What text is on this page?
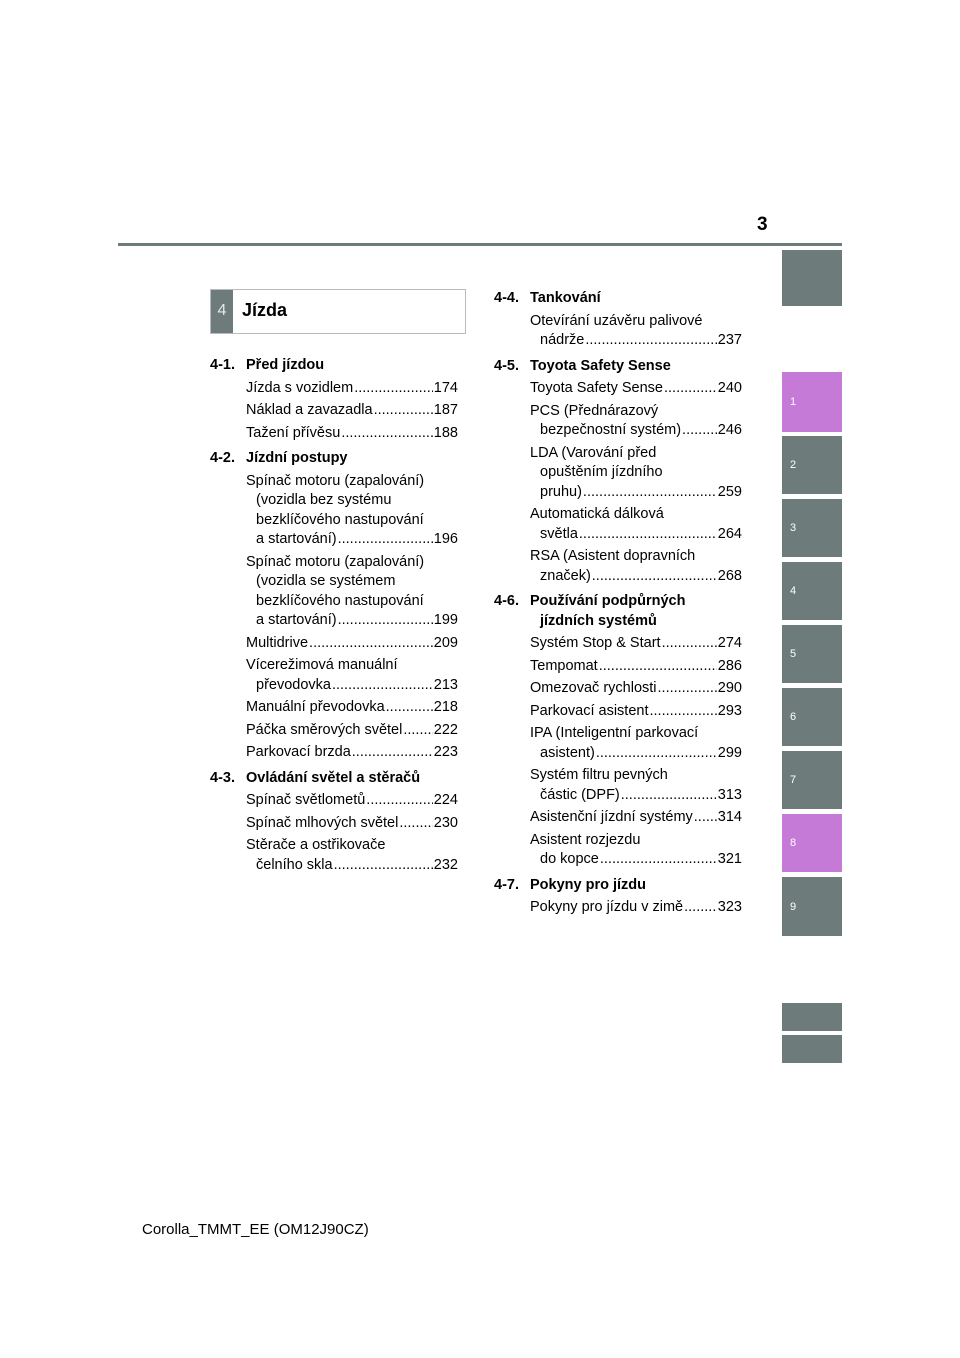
3
1
2
3
4
5
6
7
8
9
4 Jízda
4-1. Před jízdou
Jízda s vozidlem .....	174
Náklad a zavazadla .....	187
Tažení přívěsu .....	188
4-2. Jízdní postupy
Spínač motoru (zapalování)
(vozidla bez systému
bezklíčového nastupování
a startování) .....	196
Spínač motoru (zapalování)
(vozidla se systémem
bezklíčového nastupování
a startování) .....	199
Multidrive .....	209
Vícerežimová manuální
převodovka .....	213
Manuální převodovka .....	218
Páčka směrových světel ..... 222
Parkovací brzda .....	223
4-3. Ovládání světel a stěračů
Spínač světlometů .....	224
Spínač mlhových světel ..... 230
Stěrače a ostřikovače
čelního skla .....	232
4-4. Tankování
Otevírání uzávěru palivové
nádrže .....	237
4-5. Toyota Safety Sense
Toyota Safety Sense .....	240
PCS (Přednárazový
bezpečnostní systém) .....	246
LDA (Varování před
opuštěním jízdního
pruhu) .....	259
Automatická dálková
světla .....	264
RSA (Asistent dopravních
značek) .....	268
4-6. Používání podpůrných
jízdních systémů
Systém Stop & Start .....	274
Tempomat .....	286
Omezovač rychlosti .....	290
Parkovací asistent .....	293
IPA (Inteligentní parkovací
asistent) .....	299
Systém filtru pevných
částic (DPF) .....	313
Asistenční jízdní systémy ..... 314
Asistent rozjezdu
do kopce .....	321
4-7. Pokyny pro jízdu
Pokyny pro jízdu v zimě ..... 323
Corolla_TMMT_EE (OM12J90CZ)
